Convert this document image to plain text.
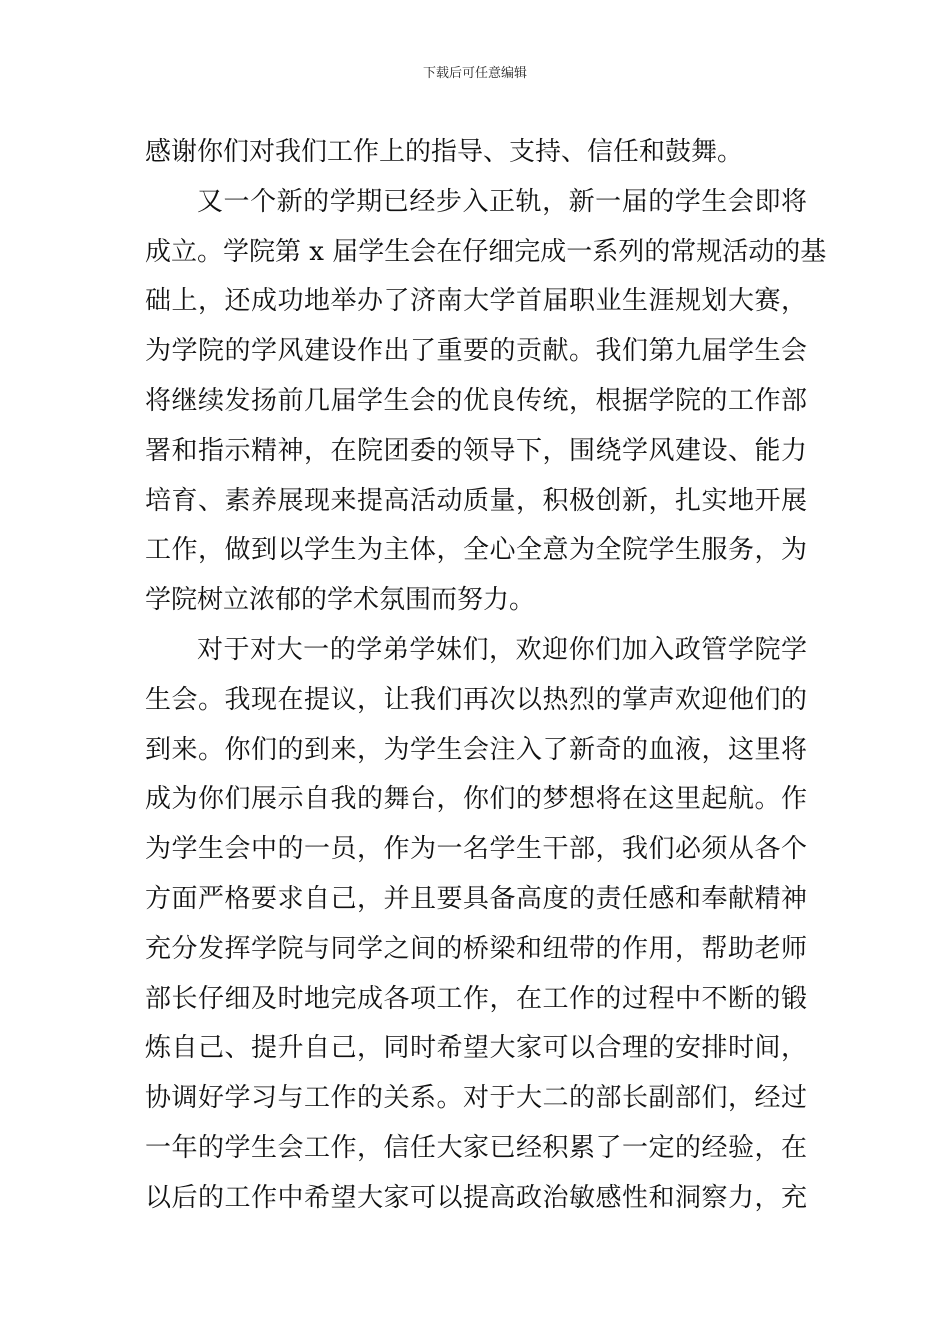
下载后可任意编辑
感谢你们对我们工作上的指导、支持、信任和鼓舞。
又一个新的学期已经步入正轨，新一届的学生会即将
成立。学院第 x 届学生会在仔细完成一系列的常规活动的基
础上，还成功地举办了济南大学首届职业生涯规划大赛，
为学院的学风建设作出了重要的贡献。我们第九届学生会
将继续发扬前几届学生会的优良传统，根据学院的工作部
署和指示精神，在院团委的领导下，围绕学风建设、能力
培育、素养展现来提高活动质量，积极创新，扎实地开展
工作，做到以学生为主体，全心全意为全院学生服务，为
学院树立浓郁的学术氛围而努力。
对于对大一的学弟学妹们，欢迎你们加入政管学院学
生会。我现在提议，让我们再次以热烈的掌声欢迎他们的
到来。你们的到来，为学生会注入了新奇的血液，这里将
成为你们展示自我的舞台，你们的梦想将在这里起航。作
为学生会中的一员，作为一名学生干部，我们必须从各个
方面严格要求自己，并且要具备高度的责任感和奉献精神
充分发挥学院与同学之间的桥梁和纽带的作用，帮助老师
部长仔细及时地完成各项工作，在工作的过程中不断的锻
炼自己、提升自己，同时希望大家可以合理的安排时间，
协调好学习与工作的关系。对于大二的部长副部们，经过
一年的学生会工作，信任大家已经积累了一定的经验，在
以后的工作中希望大家可以提高政治敏感性和洞察力，充
